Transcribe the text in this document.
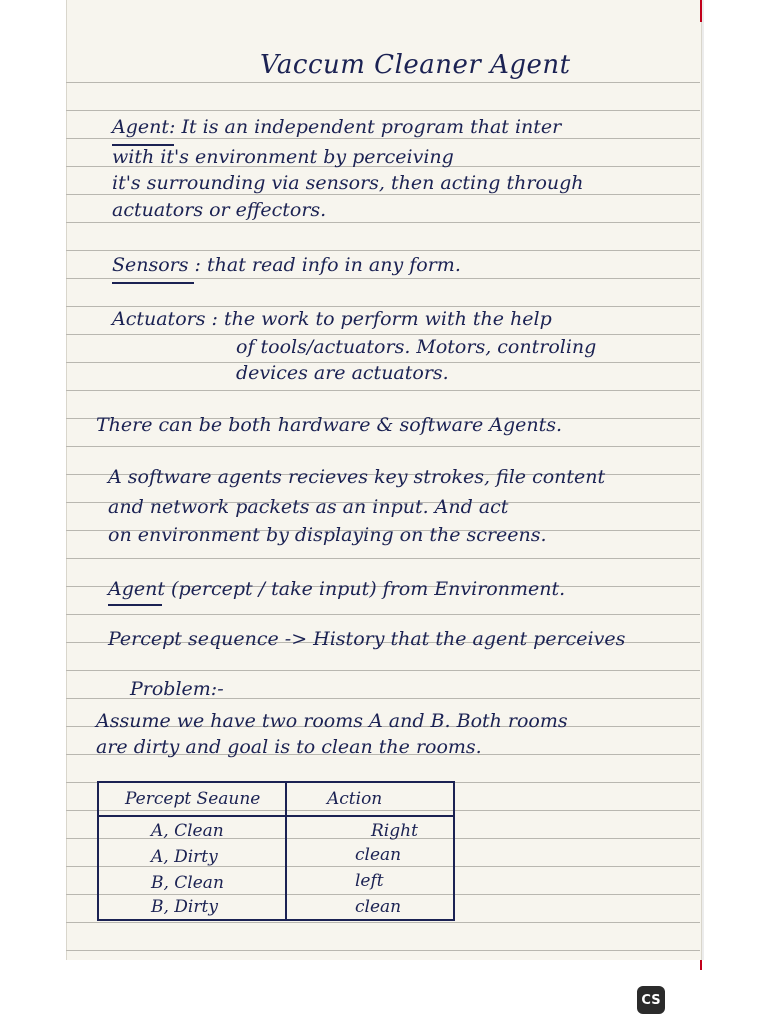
Vaccum Cleaner Agent
Agent: It is an independent program that inter
with it's environment by perceiving
it's surrounding via sensors, then acting through
actuators or effectors.
Sensors : that read info in any form.
Actuators : the work to perform with the help
of tools/actuators. Motors, controling
devices are actuators.
There can be both hardware & software Agents.
A software agents recieves key strokes, file content
and network packets as an input. And act
on environment by displaying on the screens.
Agent (percept / take input) from Environment.
Percept sequence -> History that the agent perceives
Problem:-
Assume we have two rooms A and B. Both rooms
are dirty and goal is to clean the rooms.
Percept Seaune	Action
A, Clean	Right
A, Dirty	clean
B, Clean	left
B, Dirty	clean
CS
